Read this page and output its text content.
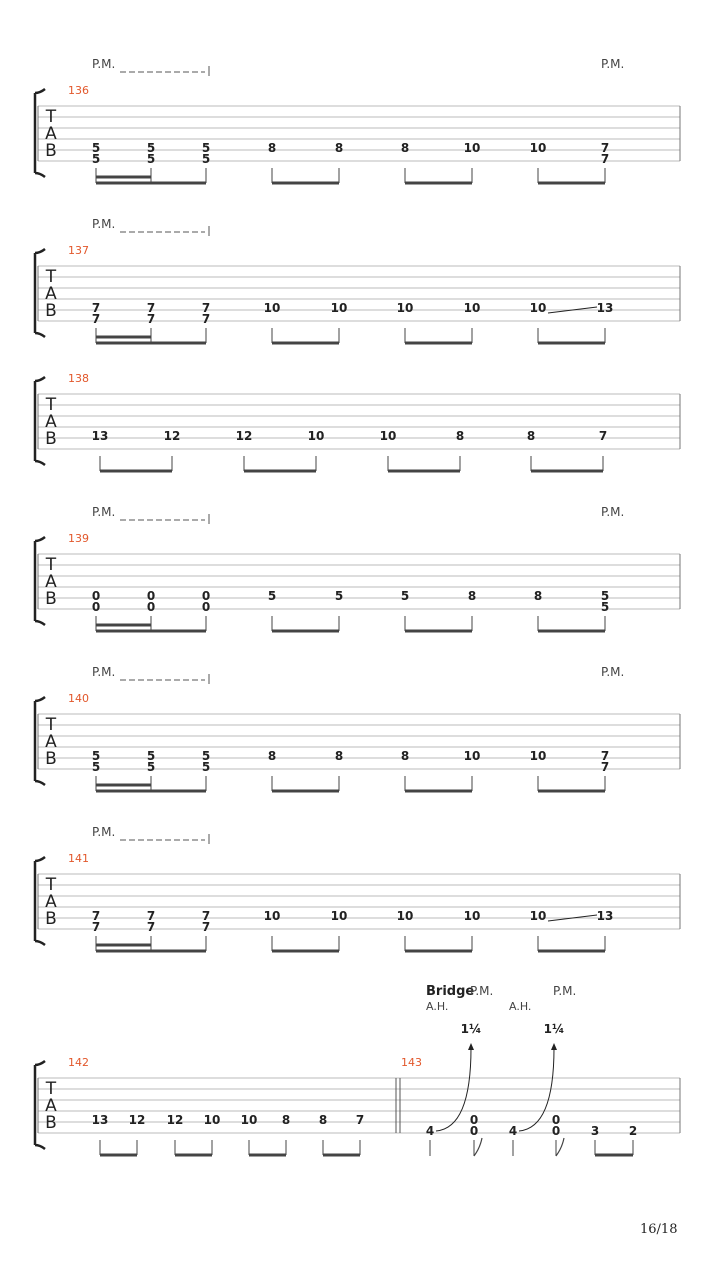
T
A
B
136
P.M.	P.M.
5
5
5
5
5
5
8	8	8	10	10	7
7
T
A
B
137
P.M.
7
7
7
7
7
7
10	10	10	10	10	13
T
A
B
138
13	12	12	10	10	8	8	7
T
A
B
139
P.M.	P.M.
0
0
0
0
0
0
5	5	5	8	8	5
5
T
A
B
140
P.M.	P.M.
5
5
5
5
5
5
8	8	8	10	10	7
7
T
A
B
141
P.M.
7
7
7
7
7
7
10	10	10	10	10	13
T
A
B
142	143
13 12 12 10 10 8 8 7
Bridge
P.M.	P.M.
A.H.	A.H.
1¼	1¼
4
0
0	4
0
0	3 2
16/18
